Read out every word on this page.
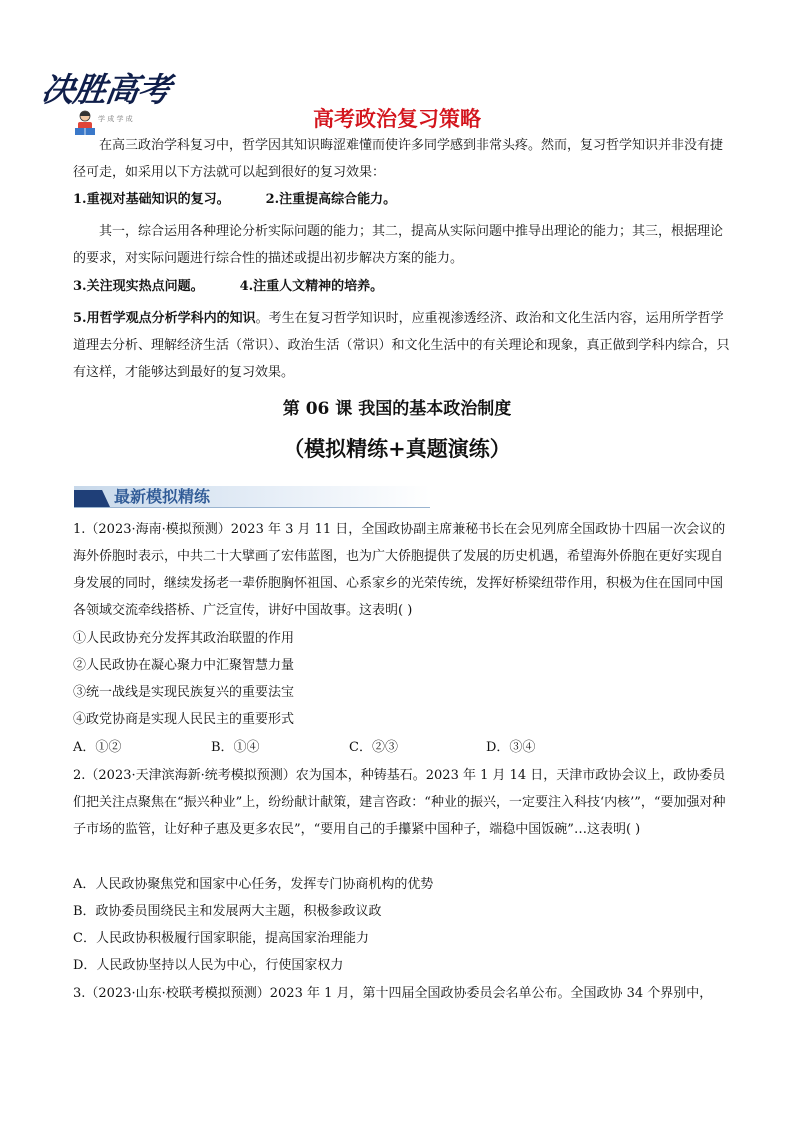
决胜高考
学 成 学 成	高考政治复习策略

在高三政治学科复习中，哲学因其知识晦涩难懂而使许多同学感到非常头疼。然而，复习哲学知识并非没有捷径可走，如采用以下方法就可以起到很好的复习效果：

1.重视对基础知识的复习。	2.注重提高综合能力。

其一，综合运用各种理论分析实际问题的能力；其二，提高从实际问题中推导出理论的能力；其三，根据理论的要求，对实际问题进行综合性的描述或提出初步解决方案的能力。

3.关注现实热点问题。	4.注重人文精神的培养。

5.用哲学观点分析学科内的知识。考生在复习哲学知识时，应重视渗透经济、政治和文化生活内容，运用所学哲学道理去分析、理解经济生活（常识）、政治生活（常识）和文化生活中的有关理论和现象，真正做到学科内综合，只有这样，才能够达到最好的复习效果。

第 06 课 我国的基本政治制度
（模拟精练+真题演练）
最新模拟精练

1.（2023·海南·模拟预测）2023 年 3 月 11 日，全国政协副主席兼秘书长在会见列席全国政协十四届一次会议的海外侨胞时表示，中共二十大擘画了宏伟蓝图，也为广大侨胞提供了发展的历史机遇，希望海外侨胞在更好实现自身发展的同时，继续发扬老一辈侨胞胸怀祖国、心系家乡的光荣传统，发挥好桥梁纽带作用，积极为住在国同中国各领域交流牵线搭桥、广泛宣传，讲好中国故事。这表明( )

①人民政协充分发挥其政治联盟的作用

②人民政协在凝心聚力中汇聚智慧力量

③统一战线是实现民族复兴的重要法宝

④政党协商是实现人民民主的重要形式

A．①②	B．①④	C．②③	D．③④

2.（2023·天津滨海新·统考模拟预测）农为国本，种铸基石。2023 年 1 月 14 日，天津市政协会议上，政协委员们把关注点聚焦在“振兴种业”上，纷纷献计献策，建言咨政：“种业的振兴，一定要注入科技‘内核’”，“要加强对种子市场的监管，让好种子惠及更多农民”，“要用自己的手攥紧中国种子，端稳中国饭碗”…这表明( )

A．人民政协聚焦党和国家中心任务，发挥专门协商机构的优势

B．政协委员围绕民主和发展两大主题，积极参政议政

C．人民政协积极履行国家职能，提高国家治理能力

D．人民政协坚持以人民为中心，行使国家权力

3.（2023·山东·校联考模拟预测）2023 年 1 月，第十四届全国政协委员会名单公布。全国政协 34 个界别中，
